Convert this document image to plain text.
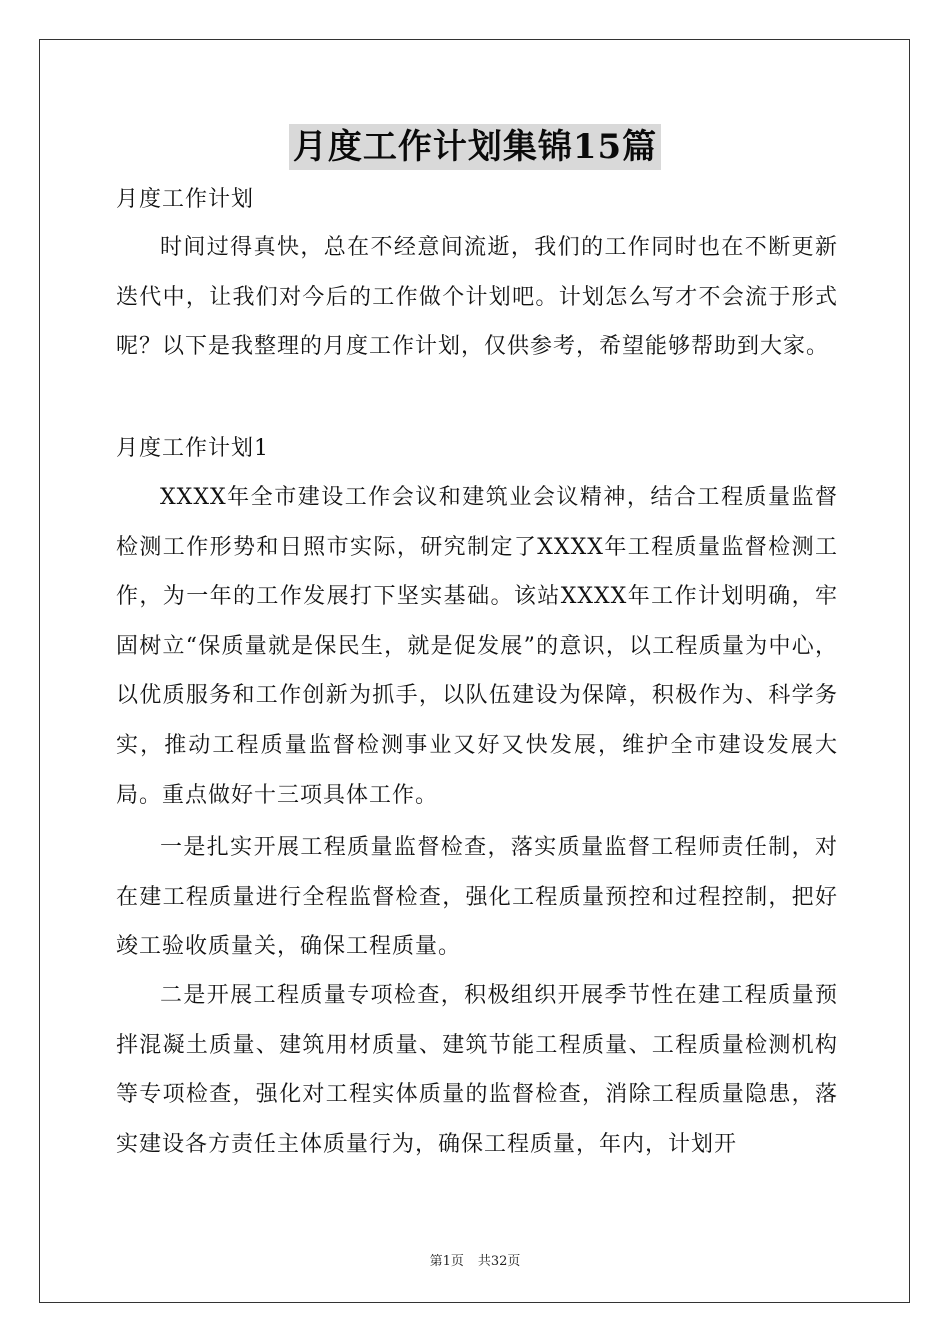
月度工作计划集锦15篇
月度工作计划
时间过得真快，总在不经意间流逝，我们的工作同时也在不断更新迭代中，让我们对今后的工作做个计划吧。计划怎么写才不会流于形式呢？以下是我整理的月度工作计划，仅供参考，希望能够帮助到大家。
月度工作计划1
XXXX年全市建设工作会议和建筑业会议精神，结合工程质量监督检测工作形势和日照市实际，研究制定了XXXX年工程质量监督检测工作，为一年的工作发展打下坚实基础。该站XXXX年工作计划明确，牢固树立“保质量就是保民生，就是促发展”的意识，以工程质量为中心，以优质服务和工作创新为抓手，以队伍建设为保障，积极作为、科学务实，推动工程质量监督检测事业又好又快发展，维护全市建设发展大局。重点做好十三项具体工作。
一是扎实开展工程质量监督检查，落实质量监督工程师责任制，对在建工程质量进行全程监督检查，强化工程质量预控和过程控制，把好竣工验收质量关，确保工程质量。
二是开展工程质量专项检查，积极组织开展季节性在建工程质量预拌混凝土质量、建筑用材质量、建筑节能工程质量、工程质量检测机构等专项检查，强化对工程实体质量的监督检查，消除工程质量隐患，落实建设各方责任主体质量行为，确保工程质量，年内，计划开
第1页 共32页
